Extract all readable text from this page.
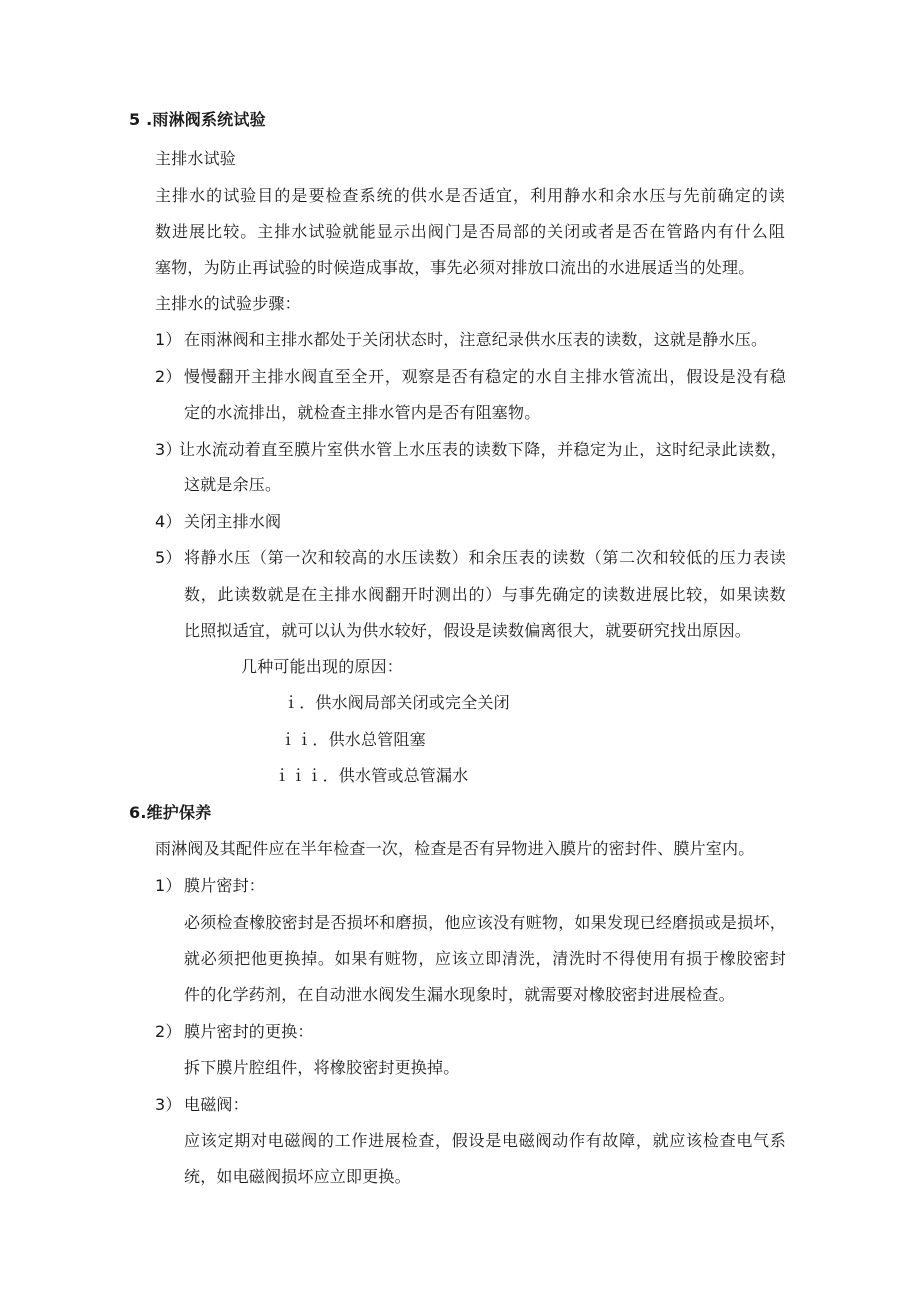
5 .雨淋阀系统试验
主排水试验
主排水的试验目的是要检查系统的供水是否适宜，利用静水和余水压与先前确定的读
数进展比较。主排水试验就能显示出阀门是否局部的关闭或者是否在管路内有什么阻
塞物，为防止再试验的时候造成事故，事先必须对排放口流出的水进展适当的处理。
主排水的试验步骤：
1） 在雨淋阀和主排水都处于关闭状态时，注意纪录供水压表的读数，这就是静水压。
2） 慢慢翻开主排水阀直至全开，观察是否有稳定的水自主排水管流出，假设是没有稳
定的水流排出，就检查主排水管内是否有阻塞物。
3）
让水流动着直至膜片室供水管上水压表的读数下降，并稳定为止，这时纪录此读数，
这就是余压。
4） 关闭主排水阀
5） 将静水压（第一次和较高的水压读数）和余压表的读数（第二次和较低的压力表读
数，此读数就是在主排水阀翻开时测出的）与事先确定的读数进展比较，如果读数
比照拟适宜，就可以认为供水较好，假设是读数偏离很大，就要研究找出原因。
几种可能出现的原因：
ｉ．供水阀局部关闭或完全关闭
ｉｉ．供水总管阻塞
ｉｉｉ．供水管或总管漏水
6.维护保养
雨淋阀及其配件应在半年检查一次，检查是否有异物进入膜片的密封件、膜片室内。
1） 膜片密封：
必须检查橡胶密封是否损坏和磨损，他应该没有赃物，如果发现已经磨损或是损坏，
就必须把他更换掉。如果有赃物，应该立即清洗，清洗时不得使用有损于橡胶密封
件的化学药剂，在自动泄水阀发生漏水现象时，就需要对橡胶密封进展检查。
2） 膜片密封的更换：
拆下膜片腔组件，将橡胶密封更换掉。
3） 电磁阀：
应该定期对电磁阀的工作进展检查，假设是电磁阀动作有故障，就应该检查电气系
统，如电磁阀损坏应立即更换。
